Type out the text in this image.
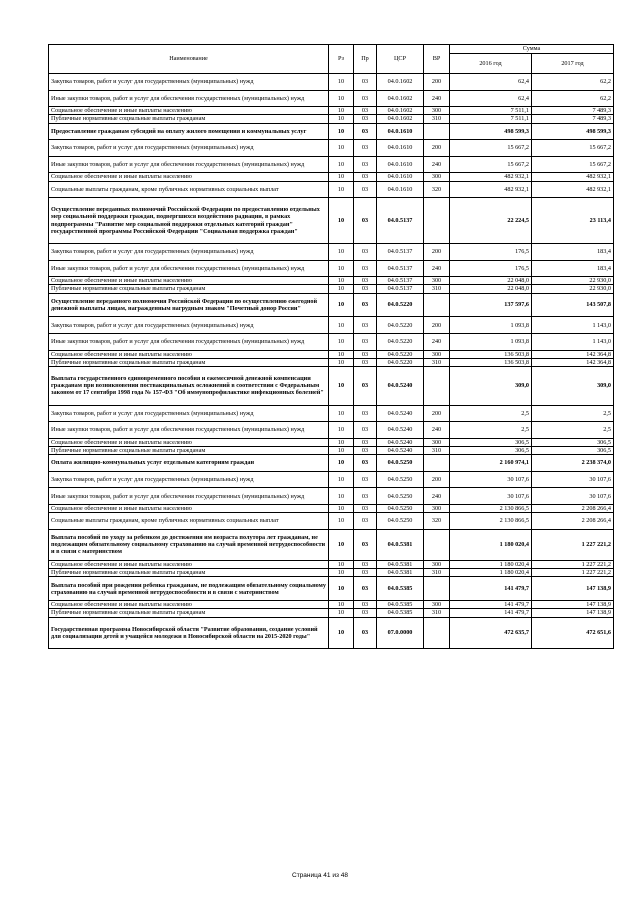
Наименование	Рз	Пр	ЦСР	ВР	Сумма	
					2016 год	2017 год
Закупка товаров, работ и услуг для государственных (муниципальных) нужд	10	03	04.0.1602	200	62,4	62,2
Иные закупки товаров, работ и услуг для обеспечения государственных (муниципальных) нужд	10	03	04.0.1602	240	62,4	62,2
Социальное обеспечение и иные выплаты населению	10	03	04.0.1602	300	7 511,1	7 489,3
Публичные нормативные социальные выплаты гражданам	10	03	04.0.1602	310	7 511,1	7 489,3
Предоставление гражданам субсидий на оплату жилого помещения и коммунальных услуг	10	03	04.0.1610		498 599,3	498 599,3
Закупка товаров, работ и услуг для государственных (муниципальных) нужд	10	03	04.0.1610	200	15 667,2	15 667,2
Иные закупки товаров, работ и услуг для обеспечения государственных (муниципальных) нужд	10	03	04.0.1610	240	15 667,2	15 667,2
Социальное обеспечение и иные выплаты населению	10	03	04.0.1610	300	482 932,1	482 932,1
Социальные выплаты гражданам, кроме публичных нормативных социальных выплат	10	03	04.0.1610	320	482 932,1	482 932,1
Осуществление переданных полномочий Российской Федерации по предоставлению отдельных мер социальной поддержки граждан, подвергшихся воздействию радиации, в рамках подпрограммы "Развитие мер социальной поддержки отдельных категорий граждан" государственной программы Российской Федерации "Социальная поддержка граждан"	10	03	04.0.5137		22 224,5	23 113,4
Закупка товаров, работ и услуг для государственных (муниципальных) нужд	10	03	04.0.5137	200	176,5	183,4
Иные закупки товаров, работ и услуг для обеспечения государственных (муниципальных) нужд	10	03	04.0.5137	240	176,5	183,4
Социальное обеспечение и иные выплаты населению	10	03	04.0.5137	300	22 048,0	22 930,0
Публичные нормативные социальные выплаты гражданам	10	03	04.0.5137	310	22 048,0	22 930,0
Осуществление переданного полномочия Российской Федерации по осуществлению ежегодной денежной выплаты лицам, награжденным нагрудным знаком "Почетный донор России"	10	03	04.0.5220		137 597,6	143 507,8
Закупка товаров, работ и услуг для государственных (муниципальных) нужд	10	03	04.0.5220	200	1 093,8	1 143,0
Иные закупки товаров, работ и услуг для обеспечения государственных (муниципальных) нужд	10	03	04.0.5220	240	1 093,8	1 143,0
Социальное обеспечение и иные выплаты населению	10	03	04.0.5220	300	136 503,8	142 364,8
Публичные нормативные социальные выплаты гражданам	10	03	04.0.5220	310	136 503,8	142 364,8
Выплата государственного единовременного пособия и ежемесячной денежной компенсации гражданам при возникновении поствакцинальных осложнений в соответствии с Федеральным законом от 17 сентября 1998 года № 157-ФЗ "Об иммунопрофилактике инфекционных болезней"	10	03	04.0.5240		309,0	309,0
Закупка товаров, работ и услуг для государственных (муниципальных) нужд	10	03	04.0.5240	200	2,5	2,5
Иные закупки товаров, работ и услуг для обеспечения государственных (муниципальных) нужд	10	03	04.0.5240	240	2,5	2,5
Социальное обеспечение и иные выплаты населению	10	03	04.0.5240	300	306,5	306,5
Публичные нормативные социальные выплаты гражданам	10	03	04.0.5240	310	306,5	306,5
Оплата жилищно-коммунальных услуг отдельным категориям граждан	10	03	04.0.5250		2 160 974,1	2 238 374,0
Закупка товаров, работ и услуг для государственных (муниципальных) нужд	10	03	04.0.5250	200	30 107,6	30 107,6
Иные закупки товаров, работ и услуг для обеспечения государственных (муниципальных) нужд	10	03	04.0.5250	240	30 107,6	30 107,6
Социальное обеспечение и иные выплаты населению	10	03	04.0.5250	300	2 130 866,5	2 208 266,4
Социальные выплаты гражданам, кроме публичных нормативных социальных выплат	10	03	04.0.5250	320	2 130 866,5	2 208 266,4
Выплата пособий по уходу за ребенком до достижения им возраста полутора лет гражданам, не подлежащим обязательному социальному страхованию на случай временной нетрудоспособности и в связи с материнством	10	03	04.0.5381		1 180 020,4	1 227 221,2
Социальное обеспечение и иные выплаты населению	10	03	04.0.5381	300	1 180 020,4	1 227 221,2
Публичные нормативные социальные выплаты гражданам	10	03	04.0.5381	310	1 180 020,4	1 227 221,2
Выплата пособий при рождении ребенка гражданам, не подлежащим обязательному социальному страхованию на случай временной нетрудоспособности и в связи с материнством	10	03	04.0.5385		141 479,7	147 138,9
Социальное обеспечение и иные выплаты населению	10	03	04.0.5385	300	141 479,7	147 138,9
Публичные нормативные социальные выплаты гражданам	10	03	04.0.5385	310	141 479,7	147 138,9
Государственная программа Новосибирской области "Развитие образования, создание условий для социализации детей и учащейся молодежи в Новосибирской области на 2015-2020 годы"	10	03	07.0.0000		472 635,7	472 651,6
Страница 41 из 48
